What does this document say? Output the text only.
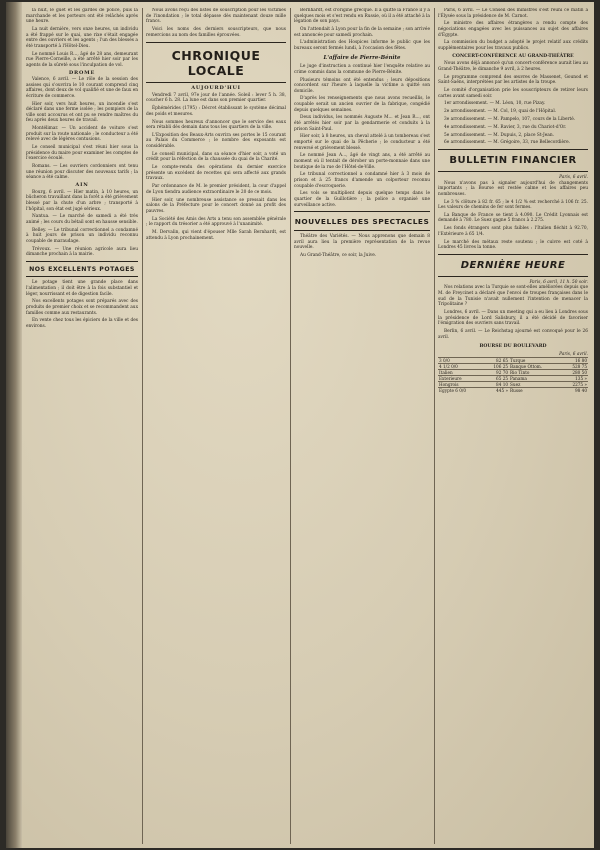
la nuit, le guet et les gardes de police, puis la marchande et les porteurs ont été relâchés après une heure.

La nuit dernière, vers onze heures, un individu a été frappé sur le quai, une rixe s'était engagée entre des ouvriers et les agents ; l'un des blessés a été transporté à l'Hôtel-Dieu.

Le nommé Louis R..., âgé de 28 ans, demeurant rue Pierre-Corneille, a été arrêté hier soir par les agents de la sûreté sous l'inculpation de vol.

DROME

Valence, 6 avril. — Le rôle de la session des assises qui s'ouvrira le 10 courant comprend cinq affaires, dont deux de vol qualifié et une de faux en écriture de commerce.

Hier soir, vers huit heures, un incendie s'est déclaré dans une ferme isolée ; les pompiers de la ville sont accourus et ont pu se rendre maîtres du feu après deux heures de travail.

Montélimar. — Un accident de voiture s'est produit sur la route nationale ; le conducteur a été relevé avec de légères contusions.

Le conseil municipal s'est réuni hier sous la présidence du maire pour examiner les comptes de l'exercice écoulé.

Romans. — Les ouvriers cordonniers ont tenu une réunion pour discuter des nouveaux tarifs ; la séance a été calme.

AIN

Bourg, 6 avril. — Hier matin, à 10 heures, un bûcheron travaillant dans la forêt a été grièvement blessé par la chute d'un arbre ; transporté à l'hôpital, son état est jugé sérieux.

Nantua. — Le marché de samedi a été très animé ; les cours du bétail sont en hausse sensible.

Belley. — Le tribunal correctionnel a condamné à huit jours de prison un individu reconnu coupable de maraudage.

Trévoux. — Une réunion agricole aura lieu dimanche prochain à la mairie.

NOS EXCELLENTS POTAGES

Le potage tient une grande place dans l'alimentation ; il doit être à la fois substantiel et léger, nourrissant et de digestion facile.

Nos excellents potages sont préparés avec des produits de premier choix et se recommandent aux familles comme aux restaurants.

En vente chez tous les épiciers de la ville et des environs.

Nous avons reçu des listes de souscription pour les victimes de l'inondation ; le total dépasse dès maintenant douze mille francs.

Voici les noms des derniers souscripteurs, que nous remercions au nom des familles éprouvées.

CHRONIQUE LOCALE
AUJOURD'HUI

Vendredi 7 avril, 97e jour de l'année. Soleil : lever 5 h. 38, coucher 6 h. 28. La lune est dans son premier quartier.

Éphémérides (1795) : Décret établissant le système décimal des poids et mesures.

Nous sommes heureux d'annoncer que le service des eaux sera rétabli dès demain dans tous les quartiers de la ville.

L'Exposition des Beaux-Arts ouvrira ses portes le 15 courant au Palais du Commerce ; le nombre des exposants est considérable.

Le conseil municipal, dans sa séance d'hier soir, a voté un crédit pour la réfection de la chaussée du quai de la Charité.

Le compte-rendu des opérations du dernier exercice présente un excédent de recettes qui sera affecté aux grands travaux.

Par ordonnance de M. le premier président, la cour d'appel de Lyon tiendra audience extraordinaire le 20 de ce mois.

Hier soir, une nombreuse assistance se pressait dans les salons de la Préfecture pour le concert donné au profit des pauvres.

La Société des Amis des Arts a tenu son assemblée générale ; le rapport du trésorier a été approuvé à l'unanimité.

M. Dervalin, qui vient d'épouser Mlle Sarah Bernhardt, est attendu à Lyon prochainement.

Bernhardt, est d'origine grecque. Il a quitté la France il y a quelques mois et s'est rendu en Russie, où il a été attaché à la légation de son pays.

On l'attendait à Lyon pour la fin de la semaine ; son arrivée est annoncée pour samedi prochain.

L'administration des Hospices informe le public que les bureaux seront fermés lundi, à l'occasion des fêtes.

L'affaire de Pierre-Bénite

Le juge d'instruction a continué hier l'enquête relative au crime commis dans la commune de Pierre-Bénite.

Plusieurs témoins ont été entendus ; leurs dépositions concordent sur l'heure à laquelle la victime a quitté son domicile.

D'après les renseignements que nous avons recueillis, le coupable serait un ancien ouvrier de la fabrique, congédié depuis quelques semaines.

Deux individus, les nommés Auguste M... et Jean R..., ont été arrêtés hier soir par la gendarmerie et conduits à la prison Saint-Paul.

Hier soir, à 8 heures, un cheval attelé à un tombereau s'est emporté sur le quai de la Pêcherie ; le conducteur a été renversé et grièvement blessé.

Le nommé Jean A..., âgé de vingt ans, a été arrêté au moment où il tentait de dérober un porte-monnaie dans une boutique de la rue de l'Hôtel-de-Ville.

Le tribunal correctionnel a condamné hier à 3 mois de prison et à 25 francs d'amende un colporteur reconnu coupable d'escroquerie.

Les vols se multiplient depuis quelque temps dans le quartier de la Guillotière ; la police a organisé une surveillance active.

NOUVELLES DES SPECTACLES

Théâtre des Variétés. — Nous apprenons que demain 8 avril aura lieu la première représentation de la revue nouvelle.

Au Grand-Théâtre, ce soir, la Juive.

Paris, 6 avril. — Le Conseil des ministres s'est réuni ce matin à l'Élysée sous la présidence de M. Carnot.

Le ministre des affaires étrangères a rendu compte des négociations engagées avec les puissances au sujet des affaires d'Égypte.

La commission du budget a adopté le projet relatif aux crédits supplémentaires pour les travaux publics.

CONCERT-CONFÉRENCE AU GRAND-THÉÂTRE

Nous avons déjà annoncé qu'un concert-conférence aurait lieu au Grand-Théâtre, le dimanche 9 avril, à 2 heures.

Le programme comprend des œuvres de Massenet, Gounod et Saint-Saëns, interprétées par les artistes de la troupe.

Le comité d'organisation prie les souscripteurs de retirer leurs cartes avant samedi soir.

1er arrondissement. — M. Léon, 10, rue Pizay.

2e arrondissement. — M. Col, 19, quai de l'Hôpital.

3e arrondissement. — M. Pampelo, 107, cours de la Liberté.

4e arrondissement. — M. Ravier, 3, rue du Chariot-d'Or.

5e arrondissement. — M. Dupuis, 2, place St-Jean.

6e arrondissement. — M. Grégoire, 33, rue Bellecordière.

BULLETIN FINANCIER
Paris, 6 avril.

Nous n'avons pas à signaler aujourd'hui de changements importants ; la Bourse est restée calme et les affaires peu nombreuses.

Le 3 % clôture à 82 fr. 65 ; le 4 1/2 % est recherché à 106 fr. 25. Les valeurs de chemins de fer sont fermes.

La Banque de France se tient à 4.090. Le Crédit Lyonnais est demandé à 780. Le Suez gagne 5 francs à 2.275.

Les fonds étrangers sont plus faibles : l'Italien fléchit à 92.70, l'Extérieure à 65 1/4.

Le marché des métaux reste soutenu ; le cuivre est coté à Londres 45 livres la tonne.

DERNIÈRE HEURE
Paris, 6 avril, 11 h. 50 soir.

Nos relations avec la Turquie se sont-elles améliorées depuis que M. de Freycinet a déclaré que l'envoi de troupes françaises dans le sud de la Tunisie n'avait nullement l'intention de menacer la Tripolitaine ?

Londres, 6 avril. — Dans un meeting qui a eu lieu à Londres sous la présidence de Lord Salisbury, il a été décidé de favoriser l'émigration des ouvriers sans travail.

Berlin, 6 avril. — Le Reichstag ajourné est convoqué pour le 26 avril.

BOURSE DU BOULEVARD
Paris, 6 avril.
3 0/0	82 65	Turque	16 80
4 1/2 0/0	106 25	Banque Ottom.	528 75
Italien	92 70	Rio Tinto	280 50
Exterieure	65 25	Panama	135 »
Hongrois	84 10	Suez	2275 »
Egypte 6 0/0	445 »	Russe	98 40
